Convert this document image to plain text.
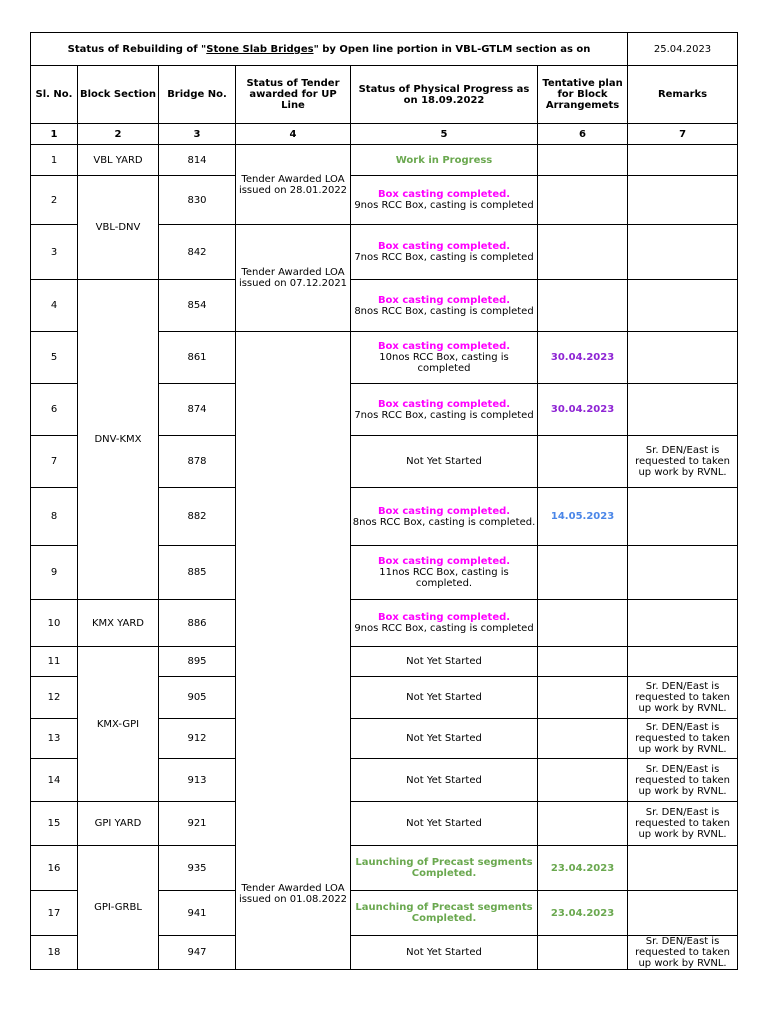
Status of Rebuilding of "Stone Slab Bridges" by Open line portion in VBL-GTLM section as on						25.04.2023
Sl. No.	Block Section	Bridge No.	Status of Tender awarded for UP Line	Status of Physical Progress as on 18.09.2022	Tentative plan for Block Arrangemets	Remarks
1	2	3	4	5	6	7
1	VBL YARD	814	Tender Awarded LOA issued on 28.01.2022	Work in Progress		

2	VBL-DNV	830		Box casting completed.
9nos RCC Box, casting is completed		

3		842	Tender Awarded LOA issued on 07.12.2021	Box casting completed.
7nos RCC Box, casting is completed		

4	DNV-KMX	854		Box casting completed.
8nos RCC Box, casting is completed		

5		861	Tender Awarded LOA issued on 01.08.2022	Box casting completed.
10nos RCC Box, casting is completed	30.04.2023	
6		874		Box casting completed.
7nos RCC Box, casting is completed	30.04.2023	
7		878		Not Yet Started		Sr. DEN/East is requested to taken up work by RVNL.
8		882		Box casting completed.
8nos RCC Box, casting is completed.	14.05.2023	
9		885		Box casting completed.
11nos RCC Box, casting is completed.		

10	KMX YARD	886		Box casting completed.
9nos RCC Box, casting is completed		

11	KMX-GPI	895		Not Yet Started		
12		905		Not Yet Started		Sr. DEN/East is requested to taken up work by RVNL.
13		912		Not Yet Started		Sr. DEN/East is requested to taken up work by RVNL.
14		913		Not Yet Started		Sr. DEN/East is requested to taken up work by RVNL.
15	GPI YARD	921		Not Yet Started		Sr. DEN/East is requested to taken up work by RVNL.
16	GPI-GRBL	935		Launching of Precast segments Completed.	23.04.2023	
17		941		Launching of Precast segments Completed.	23.04.2023	
18		947		Not Yet Started		Sr. DEN/East is requested to taken up work by RVNL.
